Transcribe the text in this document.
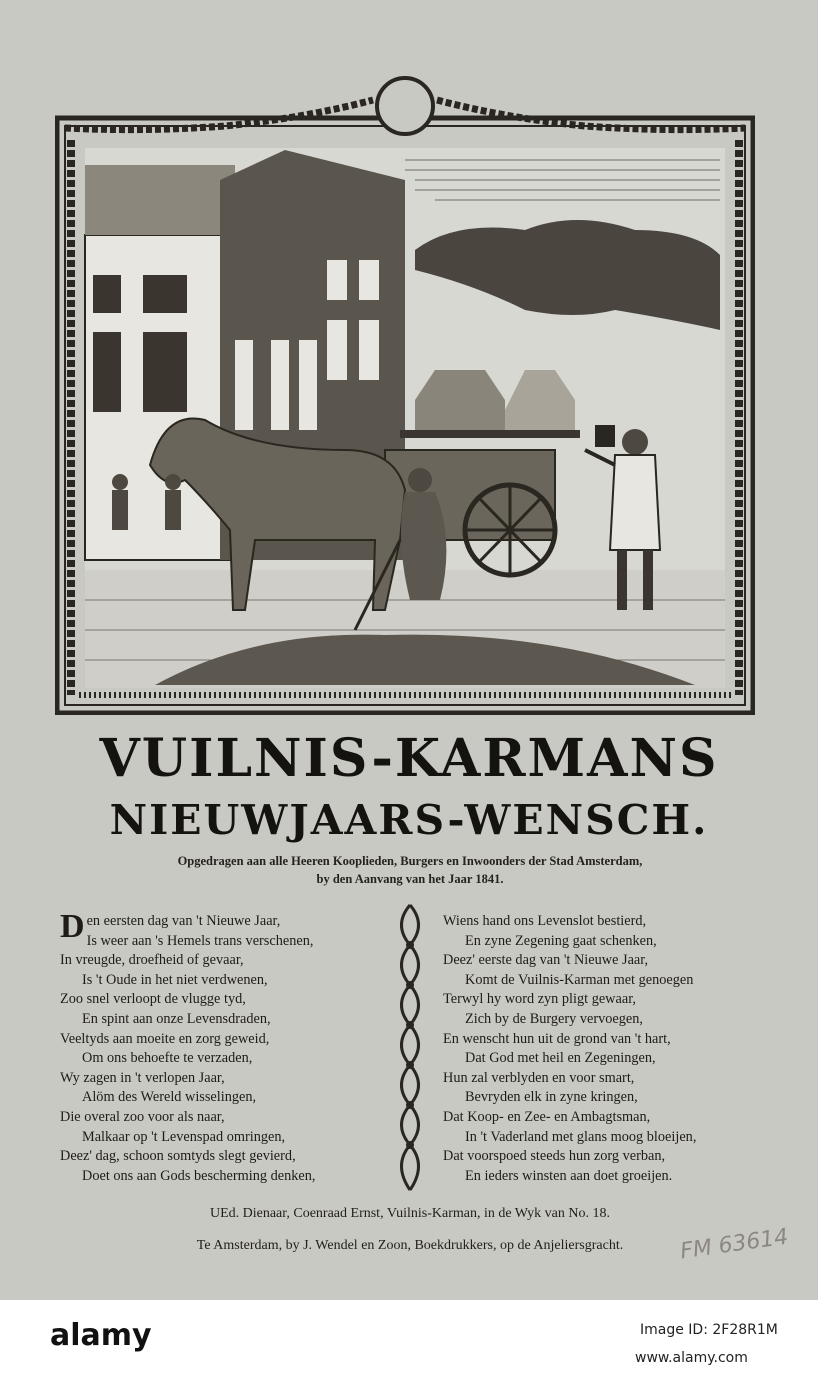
VUILNIS-KARMANS
NIEUWJAARS-WENSCH.
Opgedragen aan alle Heeren Kooplieden, Burgers en Inwoonders der Stad Amsterdam,
by den Aanvang van het Jaar 1841.
Den eersten dag van 't Nieuwe Jaar,
Is weer aan 's Hemels trans verschenen,
In vreugde, droefheid of gevaar,
Is 't Oude in het niet verdwenen,
Zoo snel verloopt de vlugge tyd,
En spint aan onze Levensdraden,
Veeltyds aan moeite en zorg geweid,
Om ons behoefte te verzaden,
Wy zagen in 't verlopen Jaar,
Alöm des Wereld wisselingen,
Die overal zoo voor als naar,
Malkaar op 't Levenspad omringen,
Deez' dag, schoon somtyds slegt gevierd,
Doet ons aan Gods bescherming denken,
Wiens hand ons Levenslot bestierd,
En zyne Zegening gaat schenken,
Deez' eerste dag van 't Nieuwe Jaar,
Komt de Vuilnis-Karman met genoegen
Terwyl hy word zyn pligt gewaar,
Zich by de Burgery vervoegen,
En wenscht hun uit de grond van 't hart,
Dat God met heil en Zegeningen,
Hun zal verblyden en voor smart,
Bevryden elk in zyne kringen,
Dat Koop- en Zee- en Ambagtsman,
In 't Vaderland met glans moog bloeijen,
Dat voorspoed steeds hun zorg verban,
En ieders winsten aan doet groeijen.
UEd. Dienaar, Coenraad Ernst, Vuilnis-Karman, in de Wyk van No. 18.
Te Amsterdam, by J. Wendel en Zoon, Boekdrukkers, op de Anjeliersgracht.	FM 63614
alamy	Image ID: 2F28R1M
www.alamy.com
